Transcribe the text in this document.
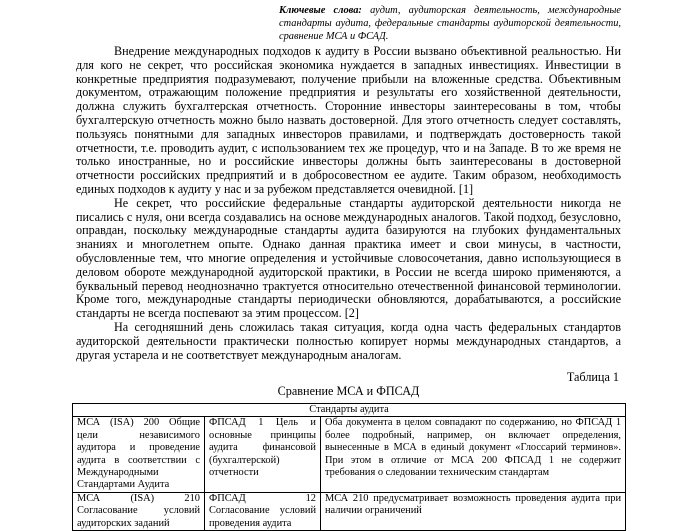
Ключевые слова: аудит, аудиторская деятельность, международные стандарты аудита, федеральные стандарты аудиторской деятельности, сравнение МСА и ФСАД.

Внедрение международных подходов к аудиту в России вызвано объективной реальностью. Ни для кого не секрет, что российская экономика нуждается в западных инвестициях. Инвестиции в конкретные предприятия подразумевают, получение прибыли на вложенные средства. Объективным документом, отражающим положение предприятия и результаты его хозяйственной деятельности, должна служить бухгалтерская отчетность. Сторонние инвесторы заинтересованы в том, чтобы бухгалтерскую отчетность можно было назвать достоверной. Для этого отчетность следует составлять, пользуясь понятными для западных инвесторов правилами, и подтверждать достоверность такой отчетности, т.е. проводить аудит, с использованием тех же процедур, что и на Западе. В то же время не только иностранные, но и российские инвесторы должны быть заинтересованы в достоверной отчетности российских предприятий и в добросовестном ее аудите. Таким образом, необходимость единых подходов к аудиту у нас и за рубежом представляется очевидной. [1]

Не секрет, что российские федеральные стандарты аудиторской деятельности никогда не писались с нуля, они всегда создавались на основе международных аналогов. Такой подход, безусловно, оправдан, поскольку международные стандарты аудита базируются на глубоких фундаментальных знаниях и многолетнем опыте. Однако данная практика имеет и свои минусы, в частности, обусловленные тем, что многие определения и устойчивые словосочетания, давно использующиеся в деловом обороте международной аудиторской практики, в России не всегда широко применяются, а буквальный перевод неоднозначно трактуется относительно отечественной финансовой терминологии. Кроме того, международные стандарты периодически обновляются, дорабатываются, а российские стандарты не всегда поспевают за этим процессом. [2]

На сегодняшний день сложилась такая ситуация, когда одна часть федеральных стандартов аудиторской деятельности практически полностью копирует нормы международных стандартов, а другая устарела и не соответствует международным аналогам.

Таблица 1

Сравнение МСА и ФПСАД

Стандарты аудита		
МСА (ISA) 200 Общие цели независимого аудитора и проведение аудита в соответствии с Международными Стандартами Аудита	ФПСАД 1 Цель и основные принципы аудита финансовой (бухгалтерской) отчетности	Оба документа в целом совпадают по содержанию, но ФПСАД 1 более подробный, например, он включает определения, вынесенные в МСА в единый документ «Глоссарий терминов». При этом в отличие от МСА 200 ФПСАД 1 не содержит требования о следовании техническим стандартам
МСА (ISA) 210 Согласование условий аудиторских заданий	ФПСАД 12 Согласование условий проведения аудита	МСА 210 предусматривает возможность проведения аудита при наличии ограничений
